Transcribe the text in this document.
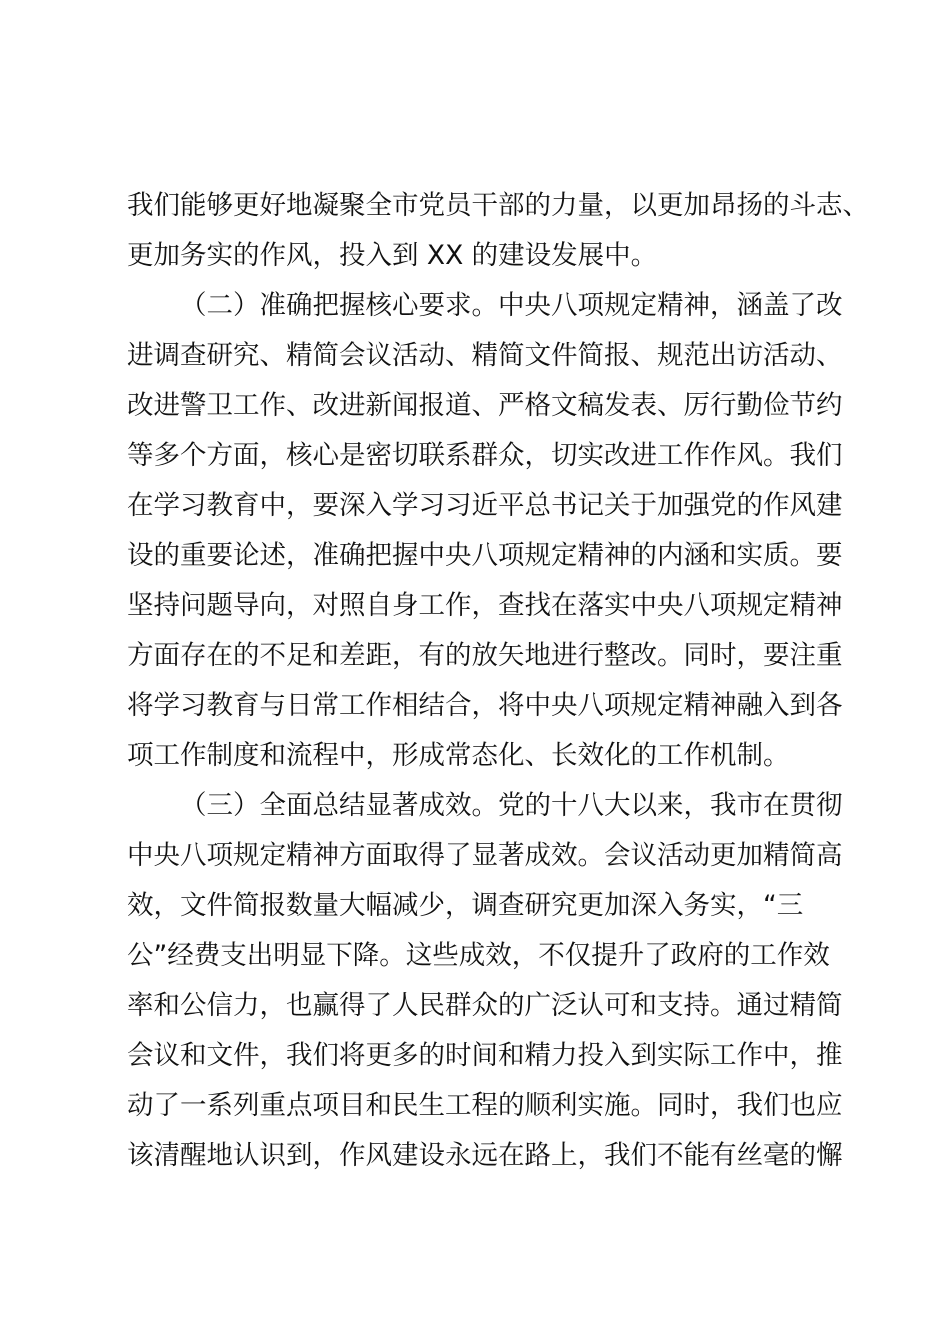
我们能够更好地凝聚全市党员干部的力量，以更加昂扬的斗志、
更加务实的作风，投入到 XX 的建设发展中。
（二）准确把握核心要求。中央八项规定精神，涵盖了改
进调查研究、精简会议活动、精简文件简报、规范出访活动、
改进警卫工作、改进新闻报道、严格文稿发表、厉行勤俭节约
等多个方面，核心是密切联系群众，切实改进工作作风。我们
在学习教育中，要深入学习习近平总书记关于加强党的作风建
设的重要论述，准确把握中央八项规定精神的内涵和实质。要
坚持问题导向，对照自身工作，查找在落实中央八项规定精神
方面存在的不足和差距，有的放矢地进行整改。同时，要注重
将学习教育与日常工作相结合，将中央八项规定精神融入到各
项工作制度和流程中，形成常态化、长效化的工作机制。
（三）全面总结显著成效。党的十八大以来，我市在贯彻
中央八项规定精神方面取得了显著成效。会议活动更加精简高
效，文件简报数量大幅减少，调查研究更加深入务实，“三
公”经费支出明显下降。这些成效，不仅提升了政府的工作效
率和公信力，也赢得了人民群众的广泛认可和支持。通过精简
会议和文件，我们将更多的时间和精力投入到实际工作中，推
动了一系列重点项目和民生工程的顺利实施。同时，我们也应
该清醒地认识到，作风建设永远在路上，我们不能有丝毫的懈
